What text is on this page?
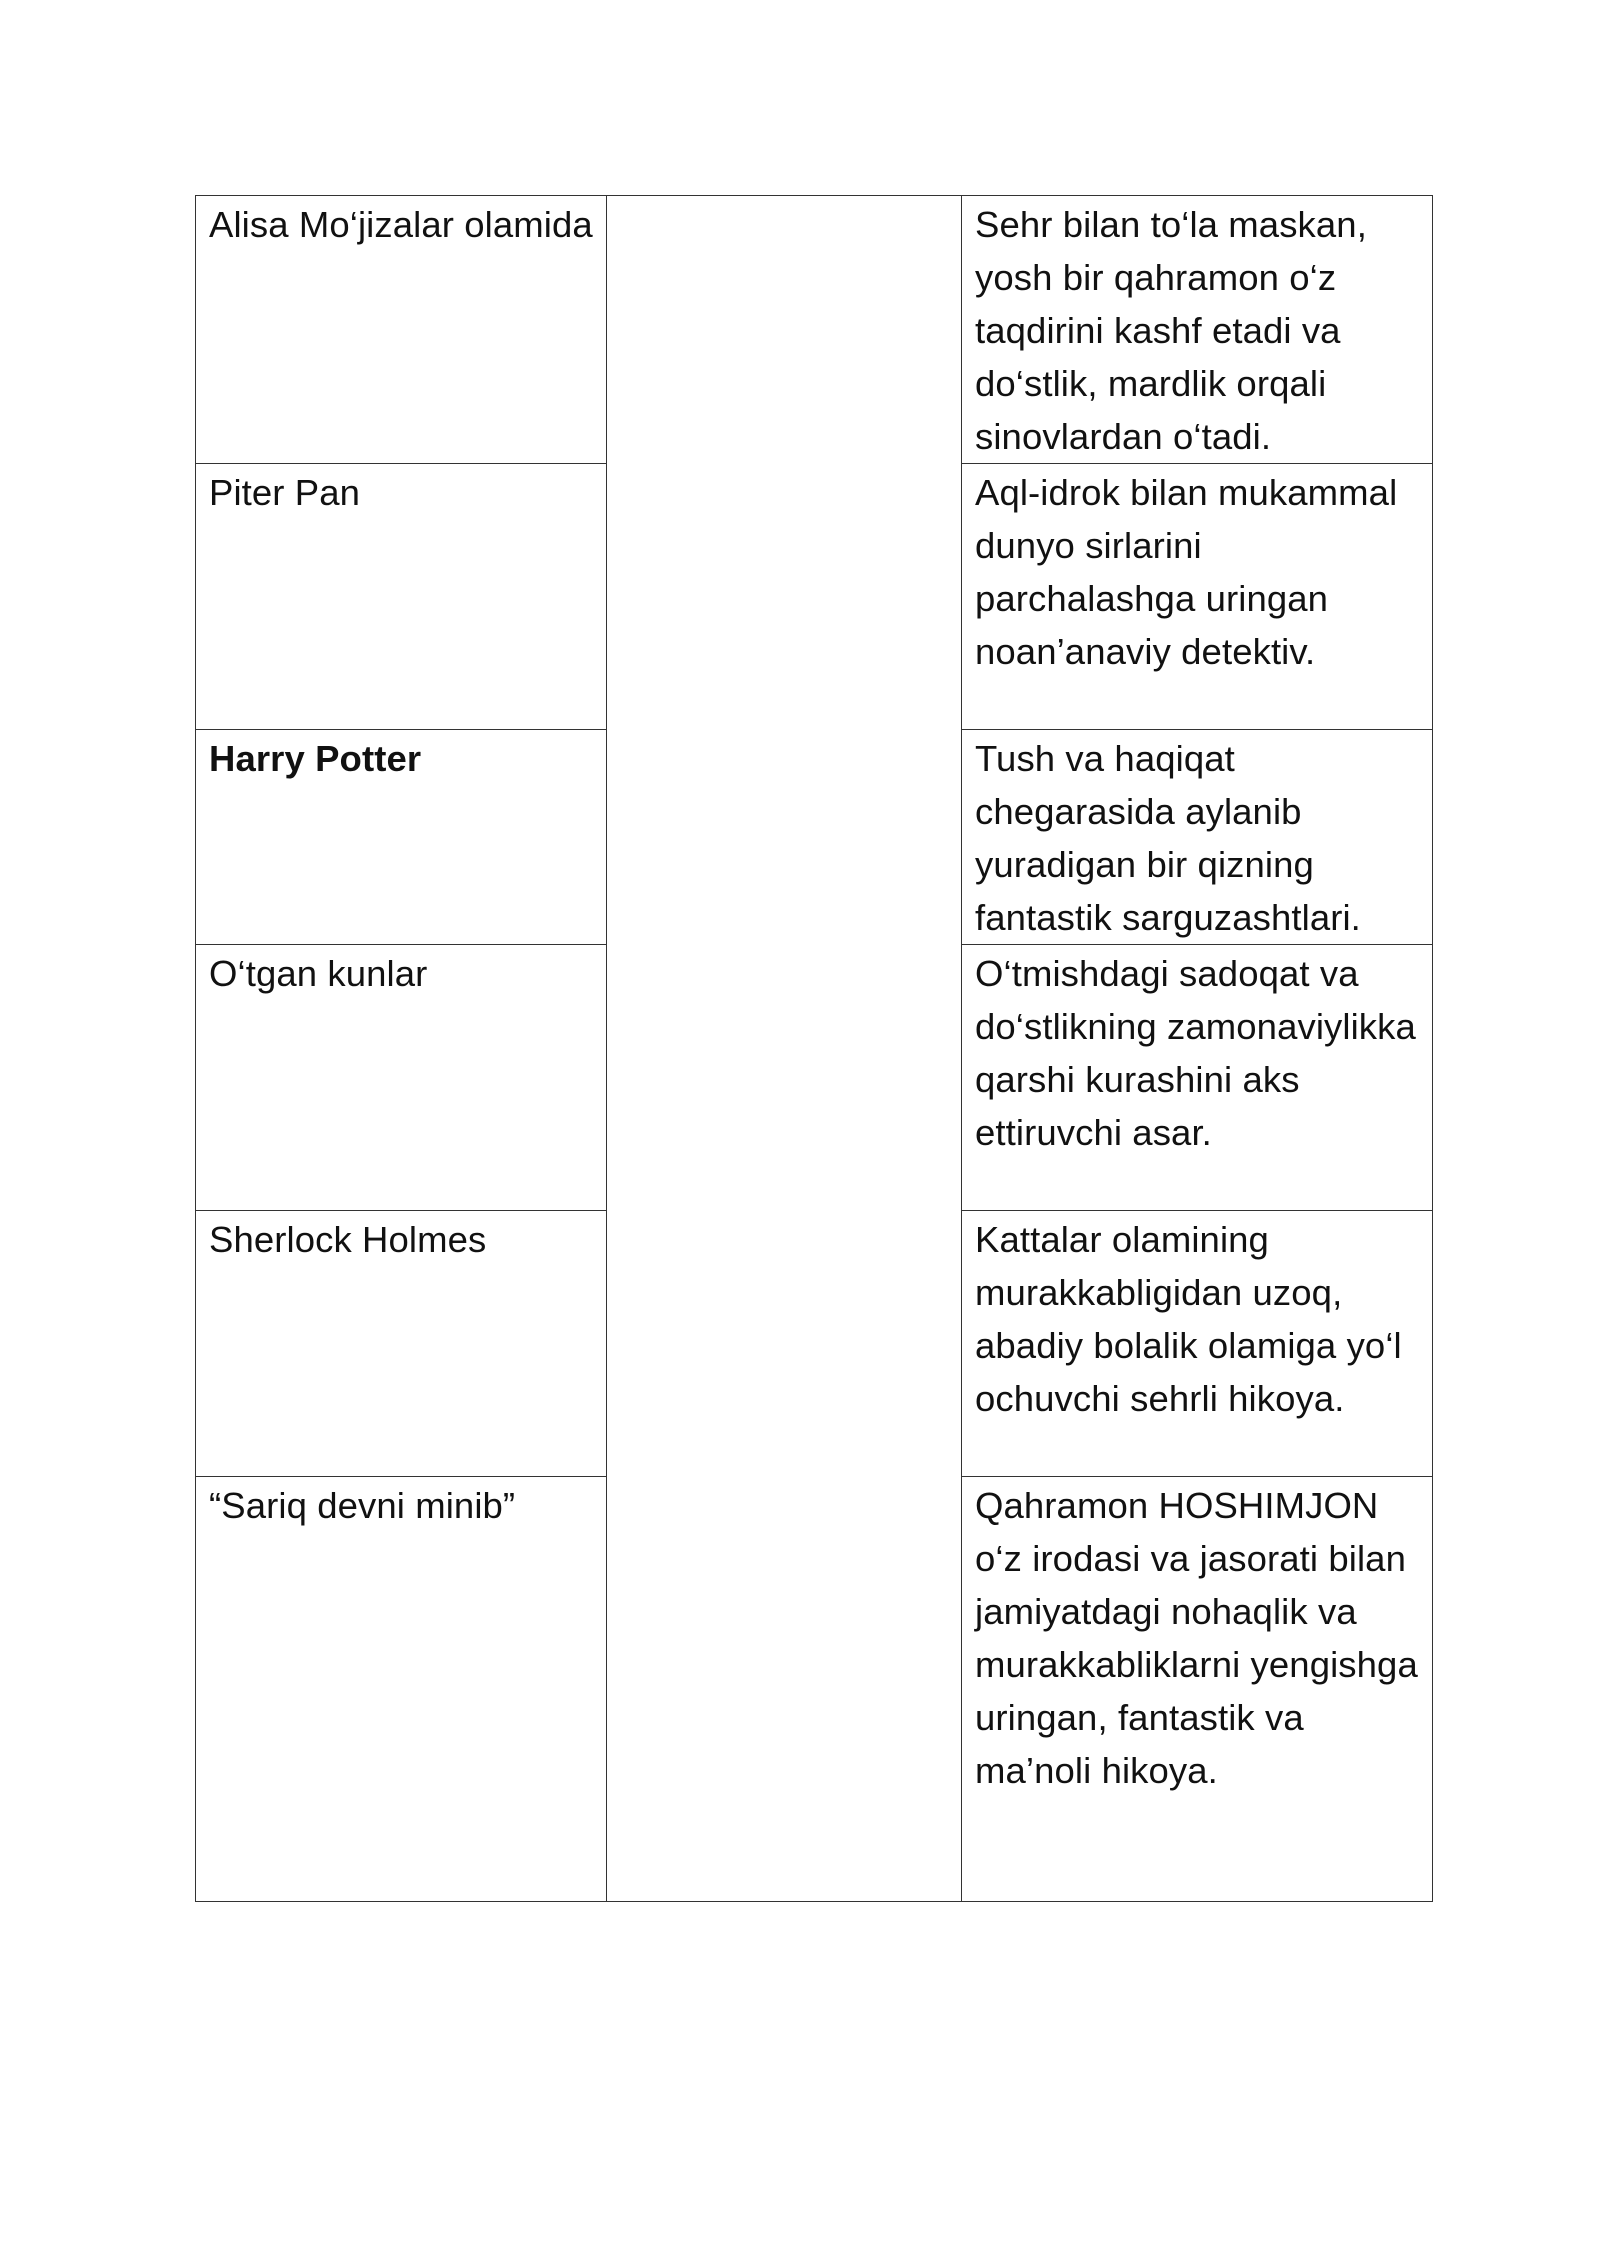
Alisa Mo‘jizalar olamida		Sehr bilan to‘la maskan, yosh bir qahramon o‘z taqdirini kashf etadi va do‘stlik, mardlik orqali sinovlardan o‘tadi.

Piter Pan		Aql-idrok bilan mukammal dunyo sirlarini parchalashga uringan noan’anaviy detektiv.

Harry Potter		Tush va haqiqat chegarasida aylanib yuradigan bir qizning fantastik sarguzashtlari.

O‘tgan kunlar		O‘tmishdagi sadoqat va do‘stlikning zamonaviylikka qarshi kurashini aks ettiruvchi asar.

Sherlock Holmes		Kattalar olamining murakkabligidan uzoq, abadiy bolalik olamiga yo‘l ochuvchi sehrli hikoya.

“Sariq devni minib”		Qahramon HOSHIMJON o‘z irodasi va jasorati bilan jamiyatdagi nohaqlik va murakkabliklarni yengishga uringan, fantastik va ma’noli hikoya.
